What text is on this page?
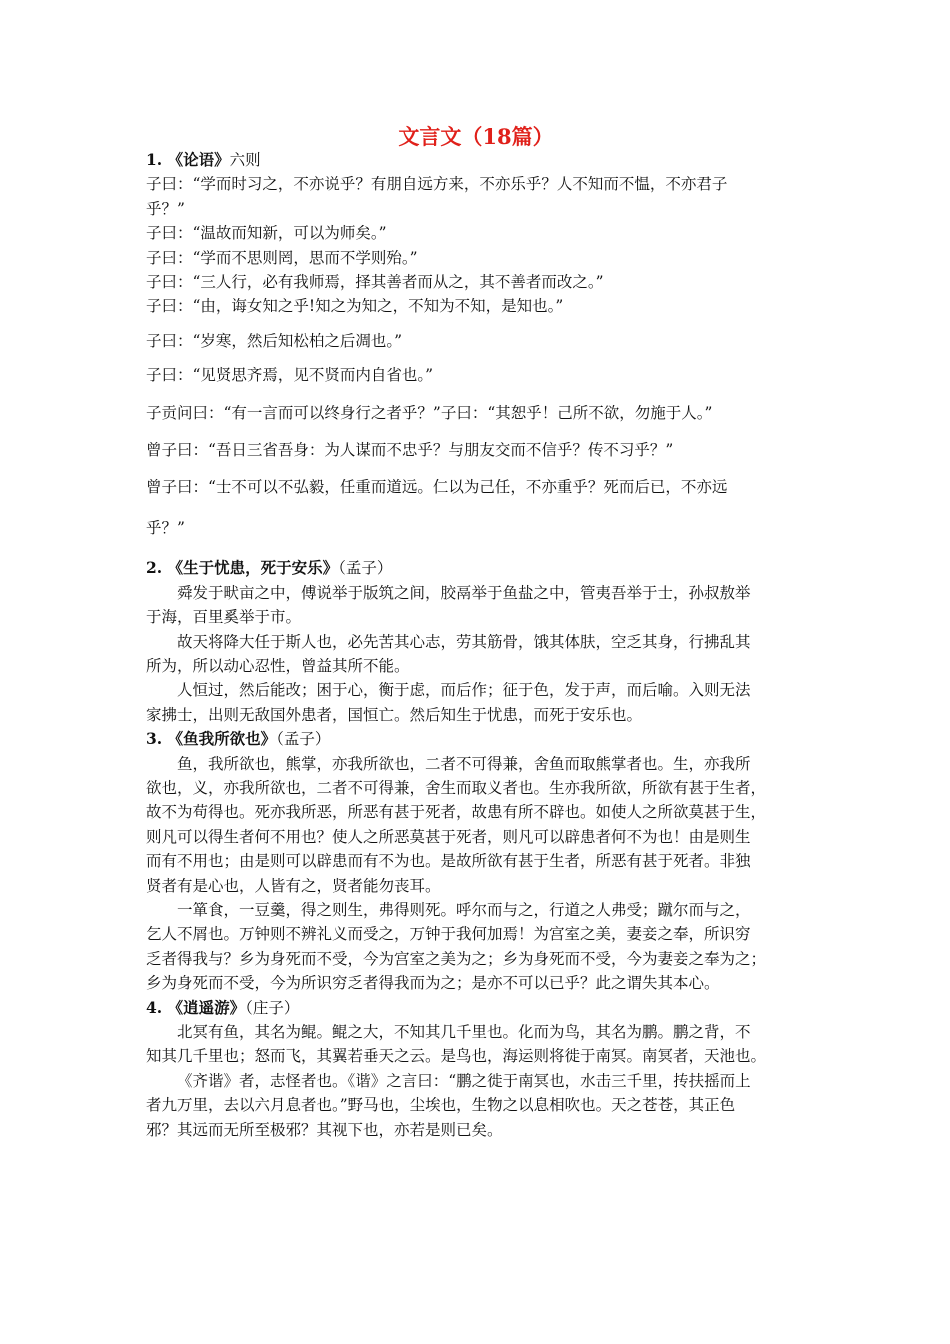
文言文（18篇）

1. 《论语》六则

子曰：“学而时习之，不亦说乎？有朋自远方来，不亦乐乎？人不知而不愠，不亦君子

乎？”

子曰：“温故而知新，可以为师矣。”

子曰：“学而不思则罔，思而不学则殆。”

子曰：“三人行，必有我师焉，择其善者而从之，其不善者而改之。”

子曰：“由，诲女知之乎!知之为知之，不知为不知，是知也。”

子曰：“岁寒，然后知松柏之后凋也。”

子曰：“见贤思齐焉，见不贤而内自省也。”

子贡问曰：“有一言而可以终身行之者乎？”子曰：“其恕乎！己所不欲，勿施于人。”

曾子曰：“吾日三省吾身：为人谋而不忠乎？与朋友交而不信乎？传不习乎？”

曾子曰：“士不可以不弘毅，任重而道远。仁以为己任，不亦重乎？死而后已，不亦远

乎？”

2. 《生于忧患，死于安乐》（孟子）

舜发于畎亩之中，傅说举于版筑之间，胶鬲举于鱼盐之中，管夷吾举于士，孙叔敖举

于海，百里奚举于市。

故天将降大任于斯人也，必先苦其心志，劳其筋骨，饿其体肤，空乏其身，行拂乱其

所为，所以动心忍性，曾益其所不能。

人恒过，然后能改；困于心，衡于虑，而后作；征于色，发于声，而后喻。入则无法

家拂士，出则无敌国外患者，国恒亡。然后知生于忧患，而死于安乐也。

3. 《鱼我所欲也》（孟子）

鱼，我所欲也，熊掌，亦我所欲也，二者不可得兼，舍鱼而取熊掌者也。生，亦我所

欲也，义，亦我所欲也，二者不可得兼，舍生而取义者也。生亦我所欲，所欲有甚于生者，

故不为苟得也。死亦我所恶，所恶有甚于死者，故患有所不辟也。如使人之所欲莫甚于生，

则凡可以得生者何不用也？使人之所恶莫甚于死者，则凡可以辟患者何不为也！由是则生

而有不用也；由是则可以辟患而有不为也。是故所欲有甚于生者，所恶有甚于死者。非独

贤者有是心也，人皆有之，贤者能勿丧耳。

一箪食，一豆羹，得之则生，弗得则死。呼尔而与之，行道之人弗受；蹴尔而与之，

乞人不屑也。万钟则不辨礼义而受之，万钟于我何加焉！为宫室之美，妻妾之奉，所识穷

乏者得我与？乡为身死而不受，今为宫室之美为之；乡为身死而不受，今为妻妾之奉为之；

乡为身死而不受，今为所识穷乏者得我而为之；是亦不可以已乎？此之谓失其本心。

4. 《逍遥游》（庄子）

北冥有鱼，其名为鲲。鲲之大，不知其几千里也。化而为鸟，其名为鹏。鹏之背，不

知其几千里也；怒而飞，其翼若垂天之云。是鸟也，海运则将徙于南冥。南冥者，天池也。

《齐谐》者，志怪者也。《谐》之言曰：“鹏之徙于南冥也，水击三千里，抟扶摇而上

者九万里，去以六月息者也。”野马也，尘埃也，生物之以息相吹也。天之苍苍，其正色

邪？其远而无所至极邪？其视下也，亦若是则已矣。
